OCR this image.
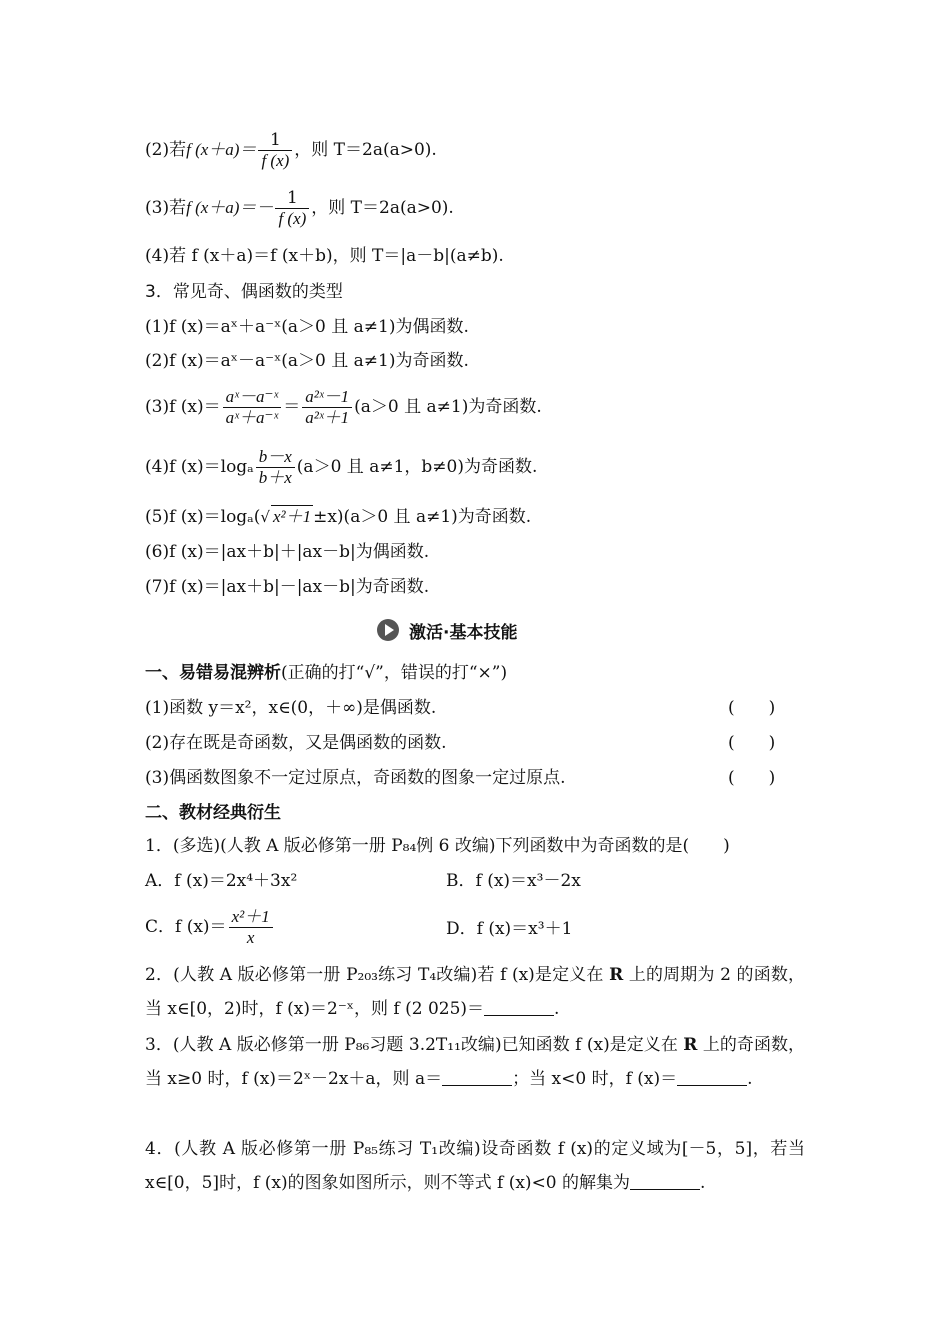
(2)若f $(x+a)= \frac{1}{f (x)}$ ，则 T＝2a(a>0).
(3)若f $(x+a)=- \frac{1}{f (x)}$ ，则 T＝2a(a>0).
(4)若 f (x＋a)＝f (x＋b)，则 T＝|a－b|(a≠b).
3．常见奇、偶函数的类型
(1)f (x)＝aˣ＋a⁻ˣ(a＞0 且 a≠1)为偶函数.
(2)f (x)＝aˣ－a⁻ˣ(a＞0 且 a≠1)为奇函数.
(3)f $(x)= \frac{\text{aˣ－a⁻ˣ}}{\text{aˣ＋a⁻ˣ}} = \frac{\text{a²ˣ－1}}{\text{a²ˣ＋1}} (a>0$ 且 a≠1)为奇函数.
(4)f $(x)=\log_a \frac{b-x}{b+x} (a>0$ 且 a≠1，b≠0)为奇函数.
(5)f (x)＝logₐ(√ x²＋1 ±x)(a＞0 且 a≠1)为奇函数.
(6)f (x)＝|ax＋b|＋|ax－b|为偶函数.
(7)f (x)＝|ax＋b|－|ax－b|为奇函数.
激活·基本技能
一、易错易混辨析(正确的打“√”，错误的打“×”)
(1)函数 y＝x²，x∈(0，＋∞)是偶函数.	(　　)
(2)存在既是奇函数，又是偶函数的函数.	(　　)
(3)偶函数图象不一定过原点，奇函数的图象一定过原点.	(　　)
二、教材经典衍生
1．(多选)(人教 A 版必修第一册 P₈₄例 6 改编)下列函数中为奇函数的是(　　)
A．f (x)＝2x⁴＋3x²	B．f (x)＝x³－2x
C．f $(x)= \frac{\text{x²＋1}}{x}$	D．f (x)＝x³＋1
2．(人教 A 版必修第一册 P₂₀₃练习 T₄改编)若 f (x)是定义在 R 上的周期为 2 的函数，当 x∈[0，2)时，f (x)＝2⁻ˣ，则 f (2 025)＝	.
3．(人教 A 版必修第一册 P₈₆习题 3.2T₁₁改编)已知函数 f (x)是定义在 R 上的奇函数，当 x≥0 时，f (x)＝2ˣ－2x＋a，则 a＝	；当 x<0 时，f (x)＝	.
4．(人教 A 版必修第一册 P₈₅练习 T₁改编)设奇函数 f (x)的定义域为[－5，5]，若当 x∈[0，5]时，f (x)的图象如图所示，则不等式 f (x)<0 的解集为	.
